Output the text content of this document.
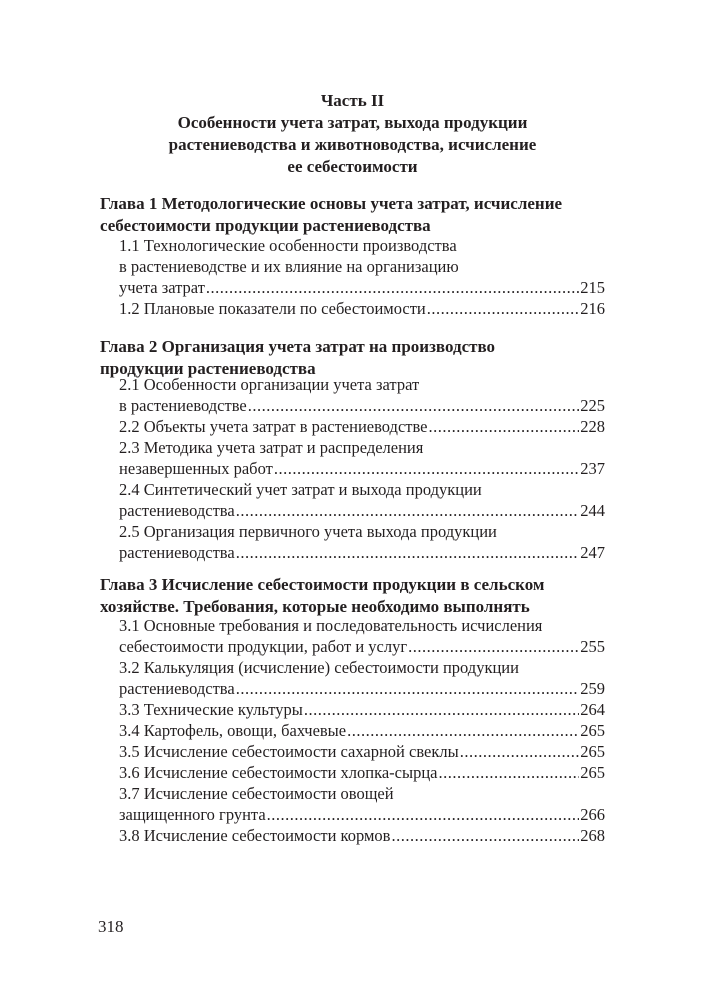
Часть II
Особенности учета затрат, выхода продукции
растениеводства и животноводства, исчисление
ее себестоимости
Глава 1 Методологические основы учета затрат, исчисление
себестоимости продукции растениеводства
1.1 Технологические особенности производства
в растениеводстве и их влияние на организацию
учета затрат .....	215
1.2 Плановые показатели по себестоимости .....	216
Глава 2 Организация учета затрат на производство
продукции растениеводства
2.1 Особенности организации учета затрат
в растениеводстве .....	225
2.2 Объекты учета затрат в растениеводстве .....	228
2.3 Методика учета затрат и распределения
незавершенных работ .....	237
2.4 Синтетический учет затрат и выхода продукции
растениеводства .....	244
2.5 Организация первичного учета выхода продукции
растениеводства .....	247
Глава 3 Исчисление себестоимости продукции в сельском
хозяйстве. Требования, которые необходимо выполнять
3.1 Основные требования и последовательность исчисления
себестоимости продукции, работ и услуг .....	255
3.2 Калькуляция (исчисление) себестоимости продукции
растениеводства .....	259
3.3 Технические культуры .....	264
3.4 Картофель, овощи, бахчевые .....	265
3.5 Исчисление себестоимости сахарной свеклы .....	265
3.6 Исчисление себестоимости хлопка-сырца .....	265
3.7 Исчисление себестоимости овощей
защищенного грунта .....	266
3.8 Исчисление себестоимости кормов .....	268
318
